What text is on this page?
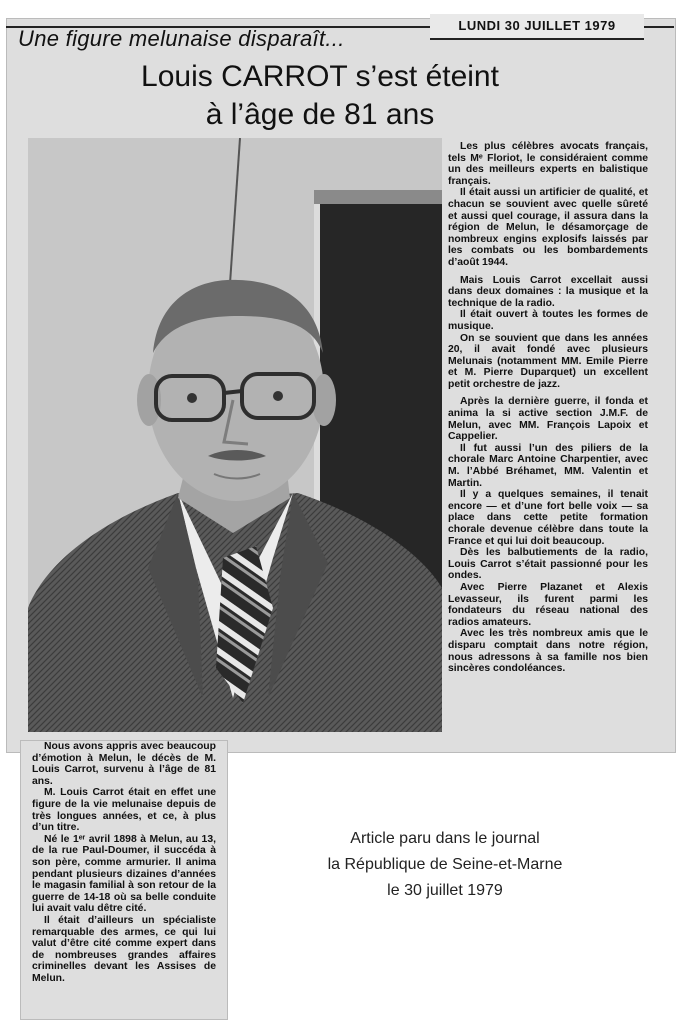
LUNDI 30 JUILLET 1979
Une figure melunaise disparaît...
Louis CARROT s’est éteint
à l’âge de 81 ans

Les plus célèbres avocats français, tels Mᵉ Floriot, le considéraient comme un des meilleurs experts en balistique français.

Il était aussi un artificier de qualité, et chacun se souvient avec quelle sûreté et aussi quel courage, il assura dans la région de Melun, le désamorçage de nombreux engins explosifs laissés par les combats ou les bombardements d’août 1944.

Mais Louis Carrot excellait aussi dans deux domaines : la musique et la technique de la radio.

Il était ouvert à toutes les formes de musique.

On se souvient que dans les années 20, il avait fondé avec plusieurs Melunais (notamment MM. Emile Pierre et M. Pierre Duparquet) un excellent petit orchestre de jazz.

Après la dernière guerre, il fonda et anima la si active section J.M.F. de Melun, avec MM. François Lapoix et Cappelier.

Il fut aussi l’un des piliers de la chorale Marc Antoine Charpentier, avec M. l’Abbé Bréhamet, MM. Valentin et Martin.

Il y a quelques semaines, il tenait encore — et d’une fort belle voix — sa place dans cette petite formation chorale devenue célèbre dans toute la France et qui lui doit beaucoup.

Dès les balbutiements de la radio, Louis Carrot s’était passionné pour les ondes.

Avec Pierre Plazanet et Alexis Levasseur, ils furent parmi les fondateurs du réseau national des radios amateurs.

Avec les très nombreux amis que le disparu comptait dans notre région, nous adressons à sa famille nos bien sincères condoléances.

Nous avons appris avec beaucoup d’émotion à Melun, le décès de M. Louis Carrot, survenu à l’âge de 81 ans.

M. Louis Carrot était en effet une figure de la vie melunaise depuis de très longues années, et ce, à plus d’un titre.

Né le 1ᵉʳ avril 1898 à Melun, au 13, de la rue Paul-Doumer, il succéda à son père, comme armurier. Il anima pendant plusieurs dizaines d’années le magasin familial à son retour de la guerre de 14-18 où sa belle conduite lui avait valu dêtre cité.

Il était d’ailleurs un spécialiste remarquable des armes, ce qui lui valut d’être cité comme expert dans de nombreuses grandes affaires criminelles devant les Assises de Melun.

Article paru dans le journal
la République de Seine-et-Marne
le 30 juillet 1979
